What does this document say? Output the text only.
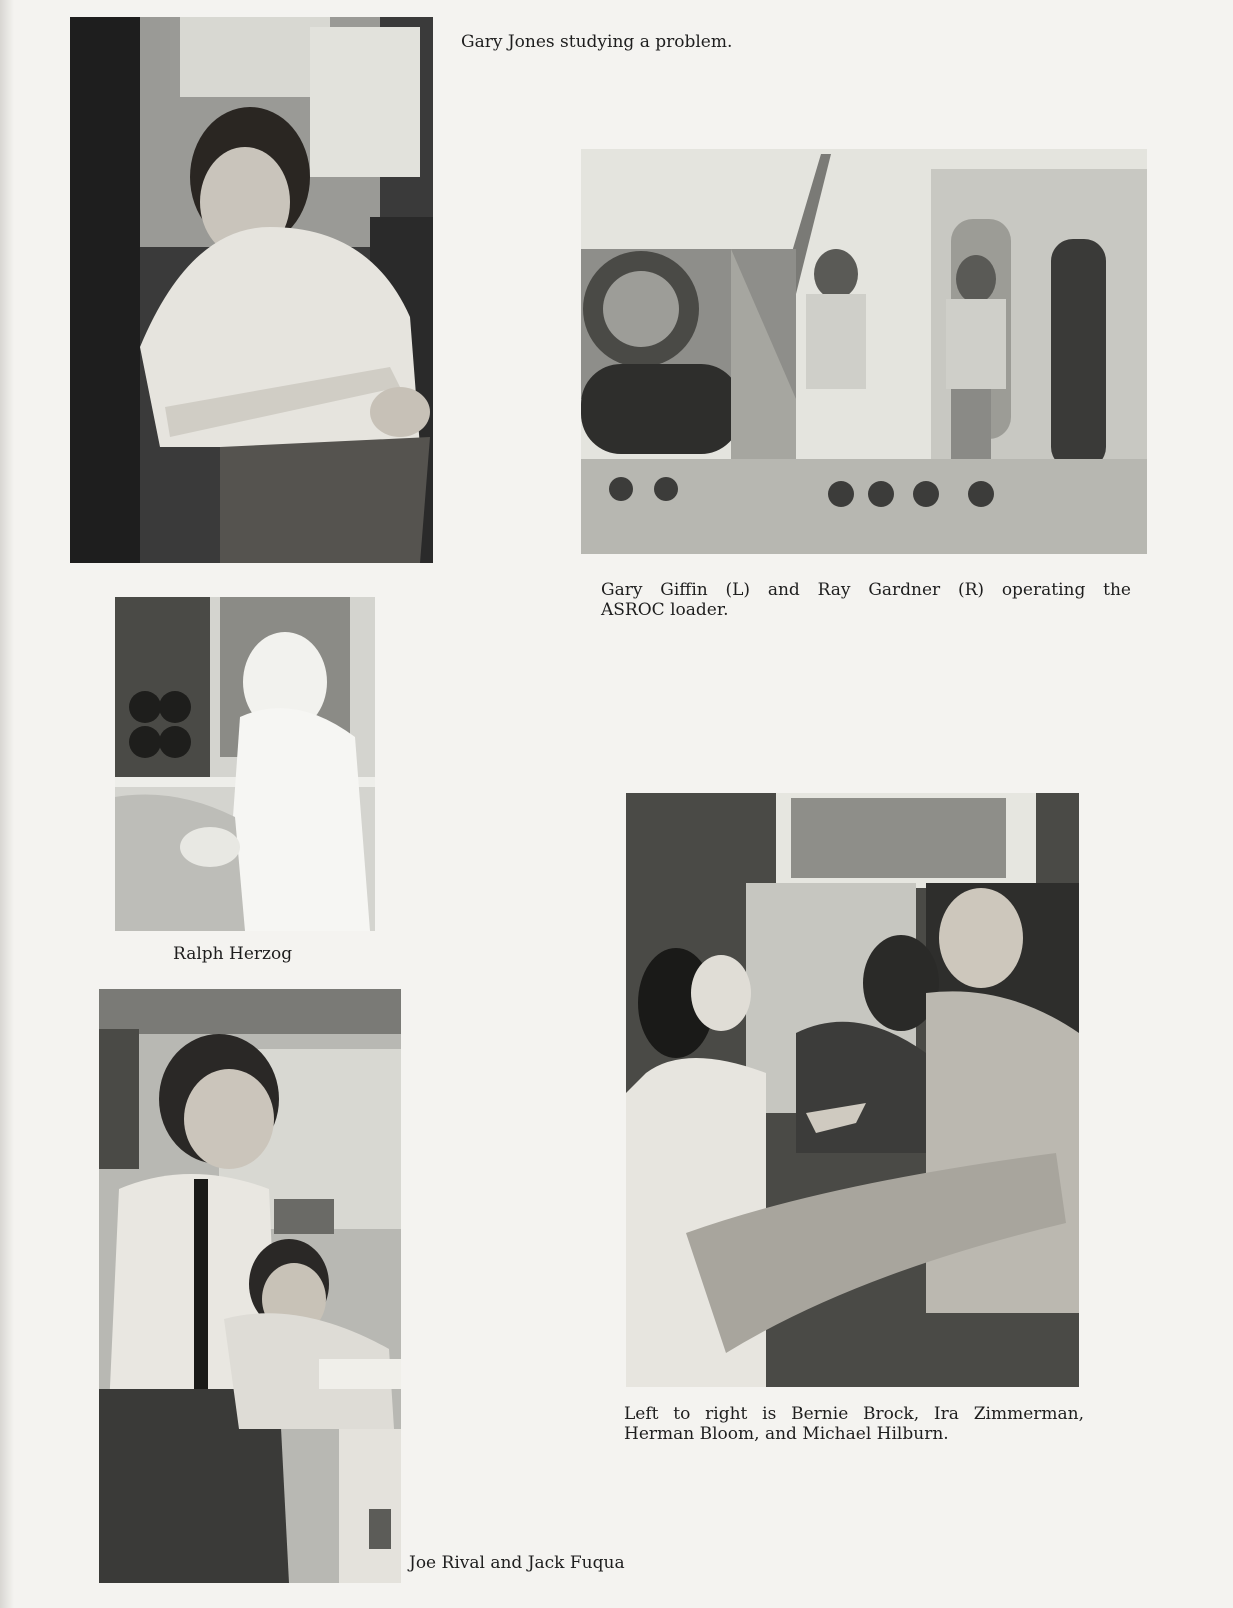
Gary Jones studying a problem.
Gary Giffin (L) and Ray Gardner (R) operating the
ASROC loader.
Ralph Herzog
Left to right is Bernie Brock, Ira Zimmerman,
Herman Bloom, and Michael Hilburn.
Joe Rival and Jack Fuqua
